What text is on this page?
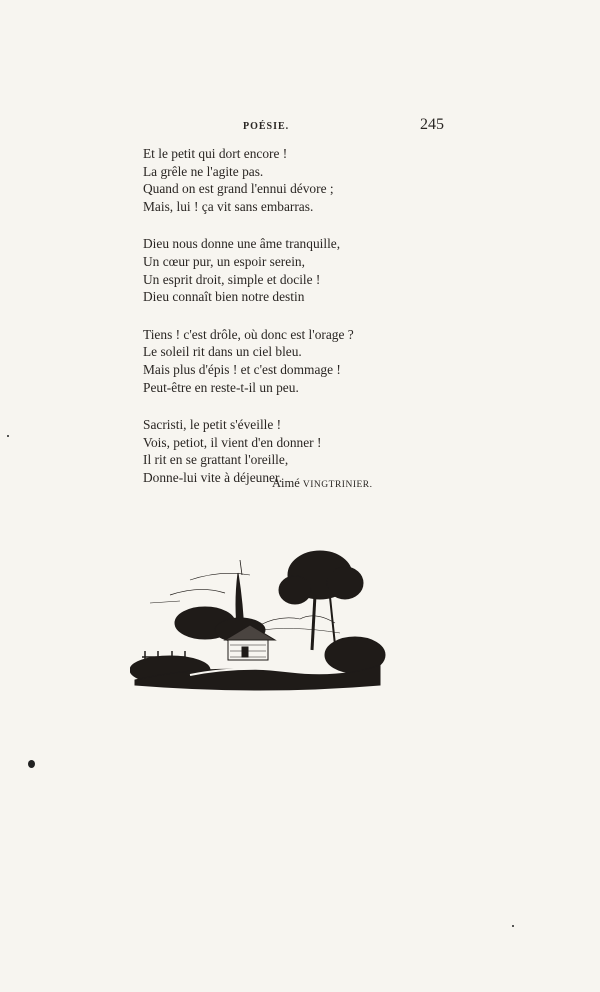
POÉSIE.	245
Et le petit qui dort encore !
La grêle ne l'agite pas.
Quand on est grand l'ennui dévore ;
Mais, lui ! ça vit sans embarras.
Dieu nous donne une âme tranquille,
Un cœur pur, un espoir serein,
Un esprit droit, simple et docile !
Dieu connaît bien notre destin
Tiens ! c'est drôle, où donc est l'orage ?
Le soleil rit dans un ciel bleu.
Mais plus d'épis ! et c'est dommage !
Peut-être en reste-t-il un peu.
Sacristi, le petit s'éveille !
Vois, petiot, il vient d'en donner !
Il rit en se grattant l'oreille,
Donne-lui vite à déjeuner.
Aimé VINGTRINIER.
